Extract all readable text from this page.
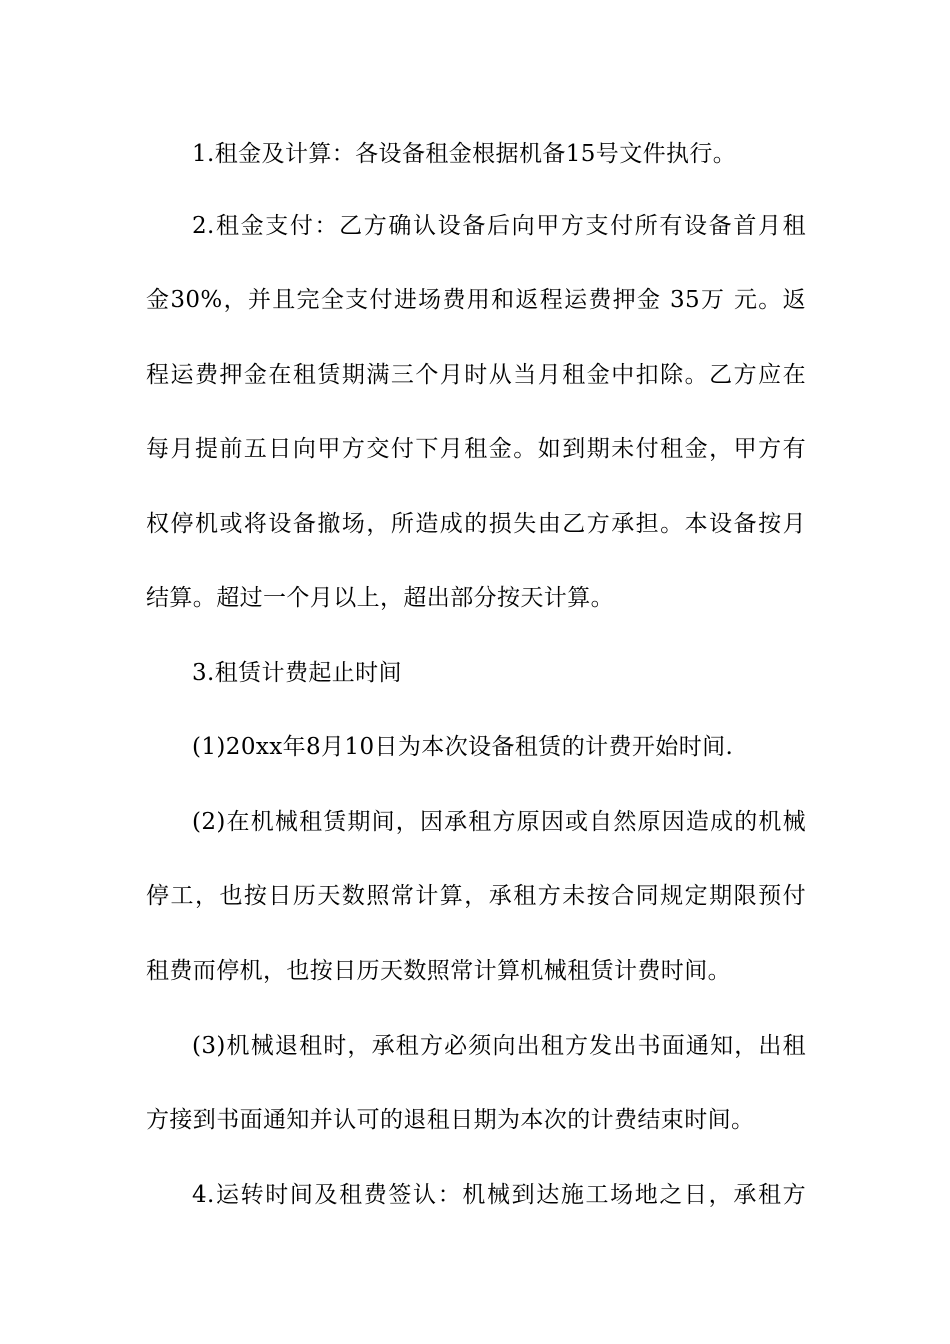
1.租金及计算：各设备租金根据机备15号文件执行。
2.租金支付：乙方确认设备后向甲方支付所有设备首月租
金30%，并且完全支付进场费用和返程运费押金 35万 元。返
程运费押金在租赁期满三个月时从当月租金中扣除。乙方应在
每月提前五日向甲方交付下月租金。如到期未付租金，甲方有
权停机或将设备撤场，所造成的损失由乙方承担。本设备按月
结算。超过一个月以上，超出部分按天计算。
3.租赁计费起止时间
(1)20xx年8月10日为本次设备租赁的计费开始时间.
(2)在机械租赁期间，因承租方原因或自然原因造成的机械
停工，也按日历天数照常计算，承租方未按合同规定期限预付
租费而停机，也按日历天数照常计算机械租赁计费时间。
(3)机械退租时，承租方必须向出租方发出书面通知，出租
方接到书面通知并认可的退租日期为本次的计费结束时间。
4.运转时间及租费签认：机械到达施工场地之日，承租方
